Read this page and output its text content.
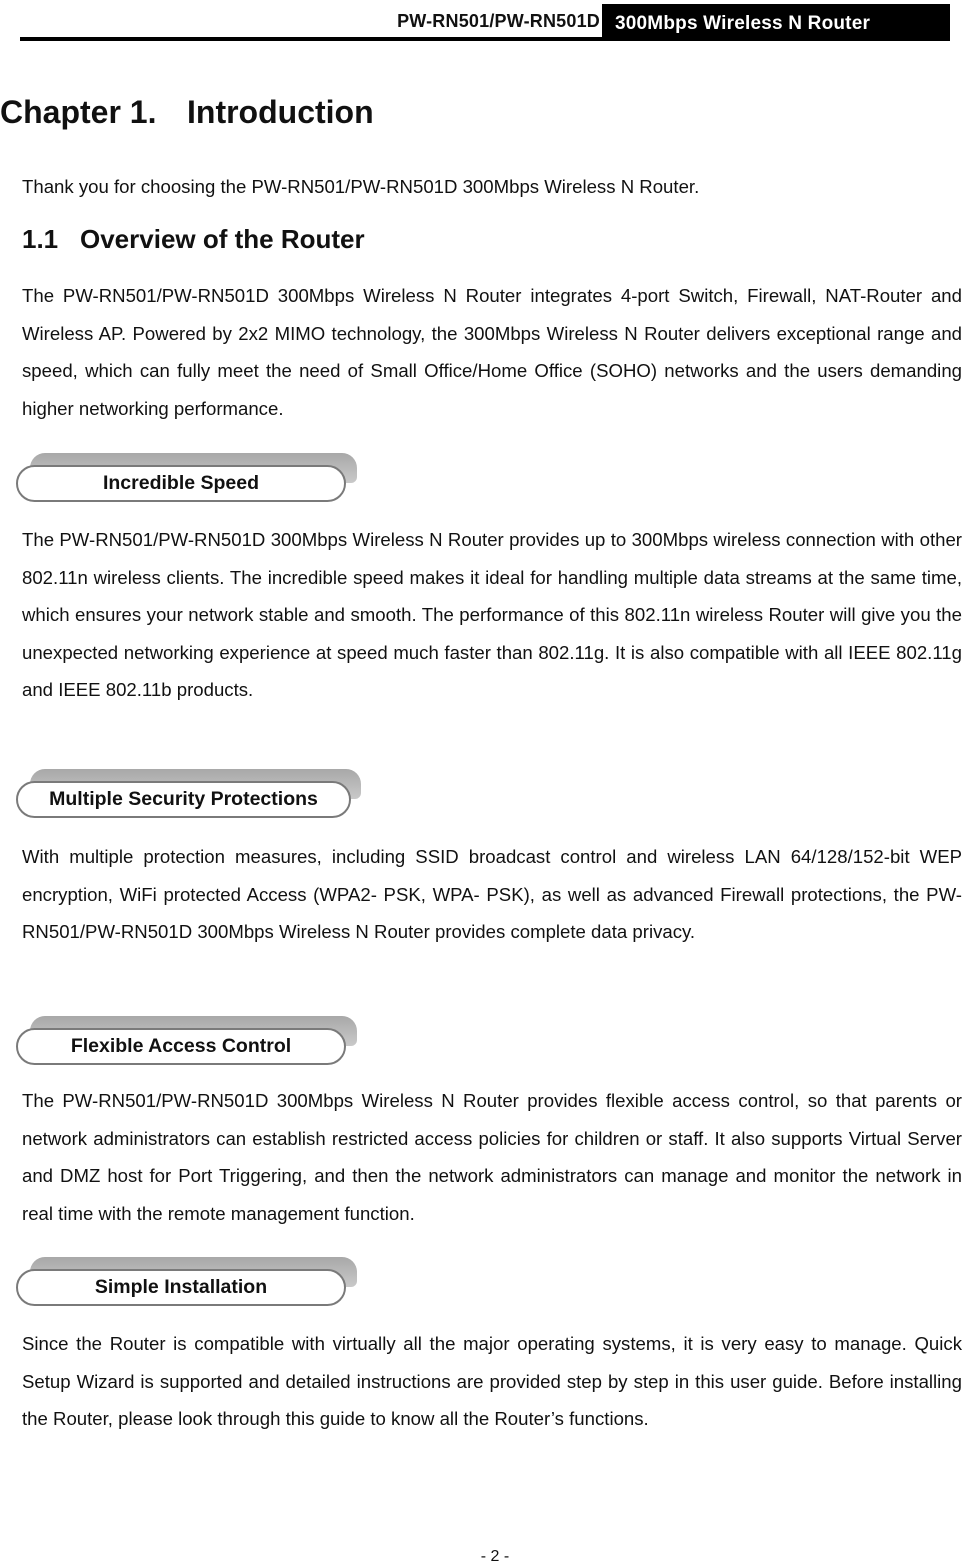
PW-RN501/PW-RN501D 300Mbps Wireless N Router
Chapter 1. Introduction

Thank you for choosing the PW-RN501/PW-RN501D 300Mbps Wireless N Router.

1.1 Overview of the Router

The PW-RN501/PW-RN501D 300Mbps Wireless N Router integrates 4-port Switch, Firewall, NAT-Router and Wireless AP. Powered by 2x2 MIMO technology, the 300Mbps Wireless N Router delivers exceptional range and speed, which can fully meet the need of Small Office/Home Office (SOHO) networks and the users demanding higher networking performance.

Incredible Speed

The PW-RN501/PW-RN501D 300Mbps Wireless N Router provides up to 300Mbps wireless connection with other 802.11n wireless clients. The incredible speed makes it ideal for handling multiple data streams at the same time, which ensures your network stable and smooth. The performance of this 802.11n wireless Router will give you the unexpected networking experience at speed much faster than 802.11g. It is also compatible with all IEEE 802.11g and IEEE 802.11b products.

Multiple Security Protections

With multiple protection measures, including SSID broadcast control and wireless LAN 64/128/152-bit WEP encryption, WiFi protected Access (WPA2- PSK, WPA- PSK), as well as advanced Firewall protections, the PW-RN501/PW-RN501D 300Mbps Wireless N Router provides complete data privacy.

Flexible Access Control

The PW-RN501/PW-RN501D 300Mbps Wireless N Router provides flexible access control, so that parents or network administrators can establish restricted access policies for children or staff. It also supports Virtual Server and DMZ host for Port Triggering, and then the network administrators can manage and monitor the network in real time with the remote management function.

Simple Installation

Since the Router is compatible with virtually all the major operating systems, it is very easy to manage. Quick Setup Wizard is supported and detailed instructions are provided step by step in this user guide. Before installing the Router, please look through this guide to know all the Router’s functions.

- 2 -
